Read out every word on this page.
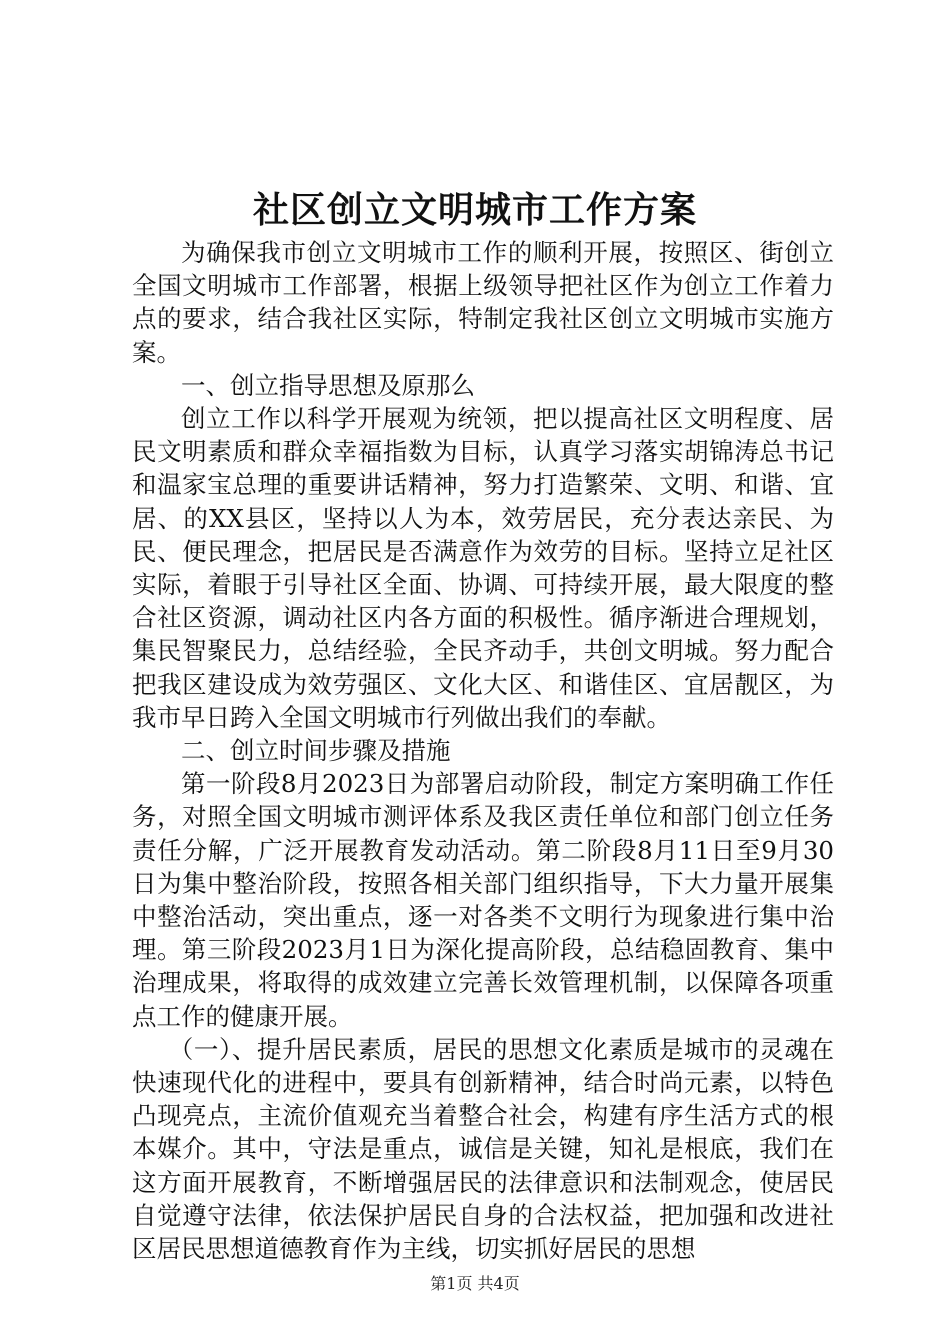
社区创立文明城市工作方案

为确保我市创立文明城市工作的顺利开展，按照区、街创立全国文明城市工作部署，根据上级领导把社区作为创立工作着力点的要求，结合我社区实际，特制定我社区创立文明城市实施方案。

一、创立指导思想及原那么

创立工作以科学开展观为统领，把以提高社区文明程度、居民文明素质和群众幸福指数为目标，认真学习落实胡锦涛总书记和温家宝总理的重要讲话精神，努力打造繁荣、文明、和谐、宜居、的XX县区，坚持以人为本，效劳居民，充分表达亲民、为民、便民理念，把居民是否满意作为效劳的目标。坚持立足社区实际，着眼于引导社区全面、协调、可持续开展，最大限度的整合社区资源，调动社区内各方面的积极性。循序渐进合理规划，集民智聚民力，总结经验，全民齐动手，共创文明城。努力配合把我区建设成为效劳强区、文化大区、和谐佳区、宜居靓区，为我市早日跨入全国文明城市行列做出我们的奉献。

二、创立时间步骤及措施

第一阶段8月2023日为部署启动阶段，制定方案明确工作任务，对照全国文明城市测评体系及我区责任单位和部门创立任务责任分解，广泛开展教育发动活动。第二阶段8月11日至9月30日为集中整治阶段，按照各相关部门组织指导，下大力量开展集中整治活动，突出重点，逐一对各类不文明行为现象进行集中治理。第三阶段2023月1日为深化提高阶段，总结稳固教育、集中治理成果，将取得的成效建立完善长效管理机制，以保障各项重点工作的健康开展。

（一）、提升居民素质，居民的思想文化素质是城市的灵魂在快速现代化的进程中，要具有创新精神，结合时尚元素，以特色凸现亮点，主流价值观充当着整合社会，构建有序生活方式的根本媒介。其中，守法是重点，诚信是关键，知礼是根底，我们在这方面开展教育，不断增强居民的法律意识和法制观念，使居民自觉遵守法律，依法保护居民自身的合法权益，把加强和改进社区居民思想道德教育作为主线，切实抓好居民的思想

第1页 共4页
